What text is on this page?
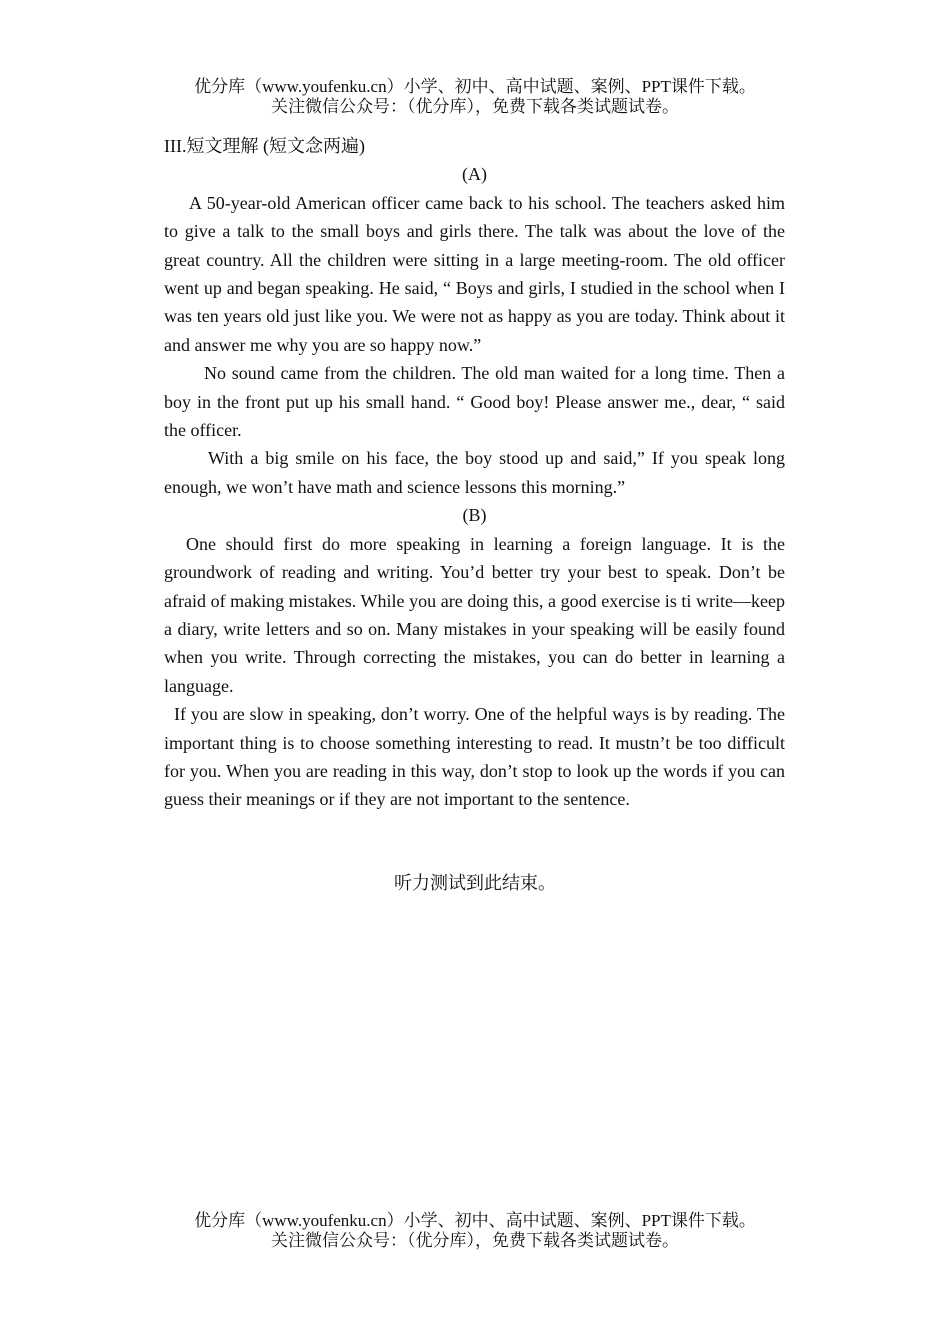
优分库（www.youfenku.cn）小学、初中、高中试题、案例、PPT课件下载。
关注微信公众号：（优分库），免费下载各类试题试卷。

III.短文理解 (短文念两遍)

(A)

A 50-year-old American officer came back to his school. The teachers asked him to give a talk to the small boys and girls there. The talk was about the love of the great country. All the children were sitting in a large meeting-room. The old officer went up and began speaking. He said, “ Boys and girls, I studied in the school when I was ten years old just like you. We were not as happy as you are today. Think about it and answer me why you are so happy now.”

No sound came from the children. The old man waited for a long time. Then a boy in the front put up his small hand. “ Good boy! Please answer me., dear, “ said the officer.

With a big smile on his face, the boy stood up and said,” If you speak long enough, we won’t have math and science lessons this morning.”

(B)

One should first do more speaking in learning a foreign language. It is the groundwork of reading and writing. You’d better try your best to speak. Don’t be afraid of making mistakes. While you are doing this, a good exercise is ti write—keep a diary, write letters and so on. Many mistakes in your speaking will be easily found when you write. Through correcting the mistakes, you can do better in learning a language.

If you are slow in speaking, don’t worry. One of the helpful ways is by reading. The important thing is to choose something interesting to read. It mustn’t be too difficult for you. When you are reading in this way, don’t stop to look up the words if you can guess their meanings or if they are not important to the sentence.

听力测试到此结束。
优分库（www.youfenku.cn）小学、初中、高中试题、案例、PPT课件下载。
关注微信公众号：（优分库），免费下载各类试题试卷。
